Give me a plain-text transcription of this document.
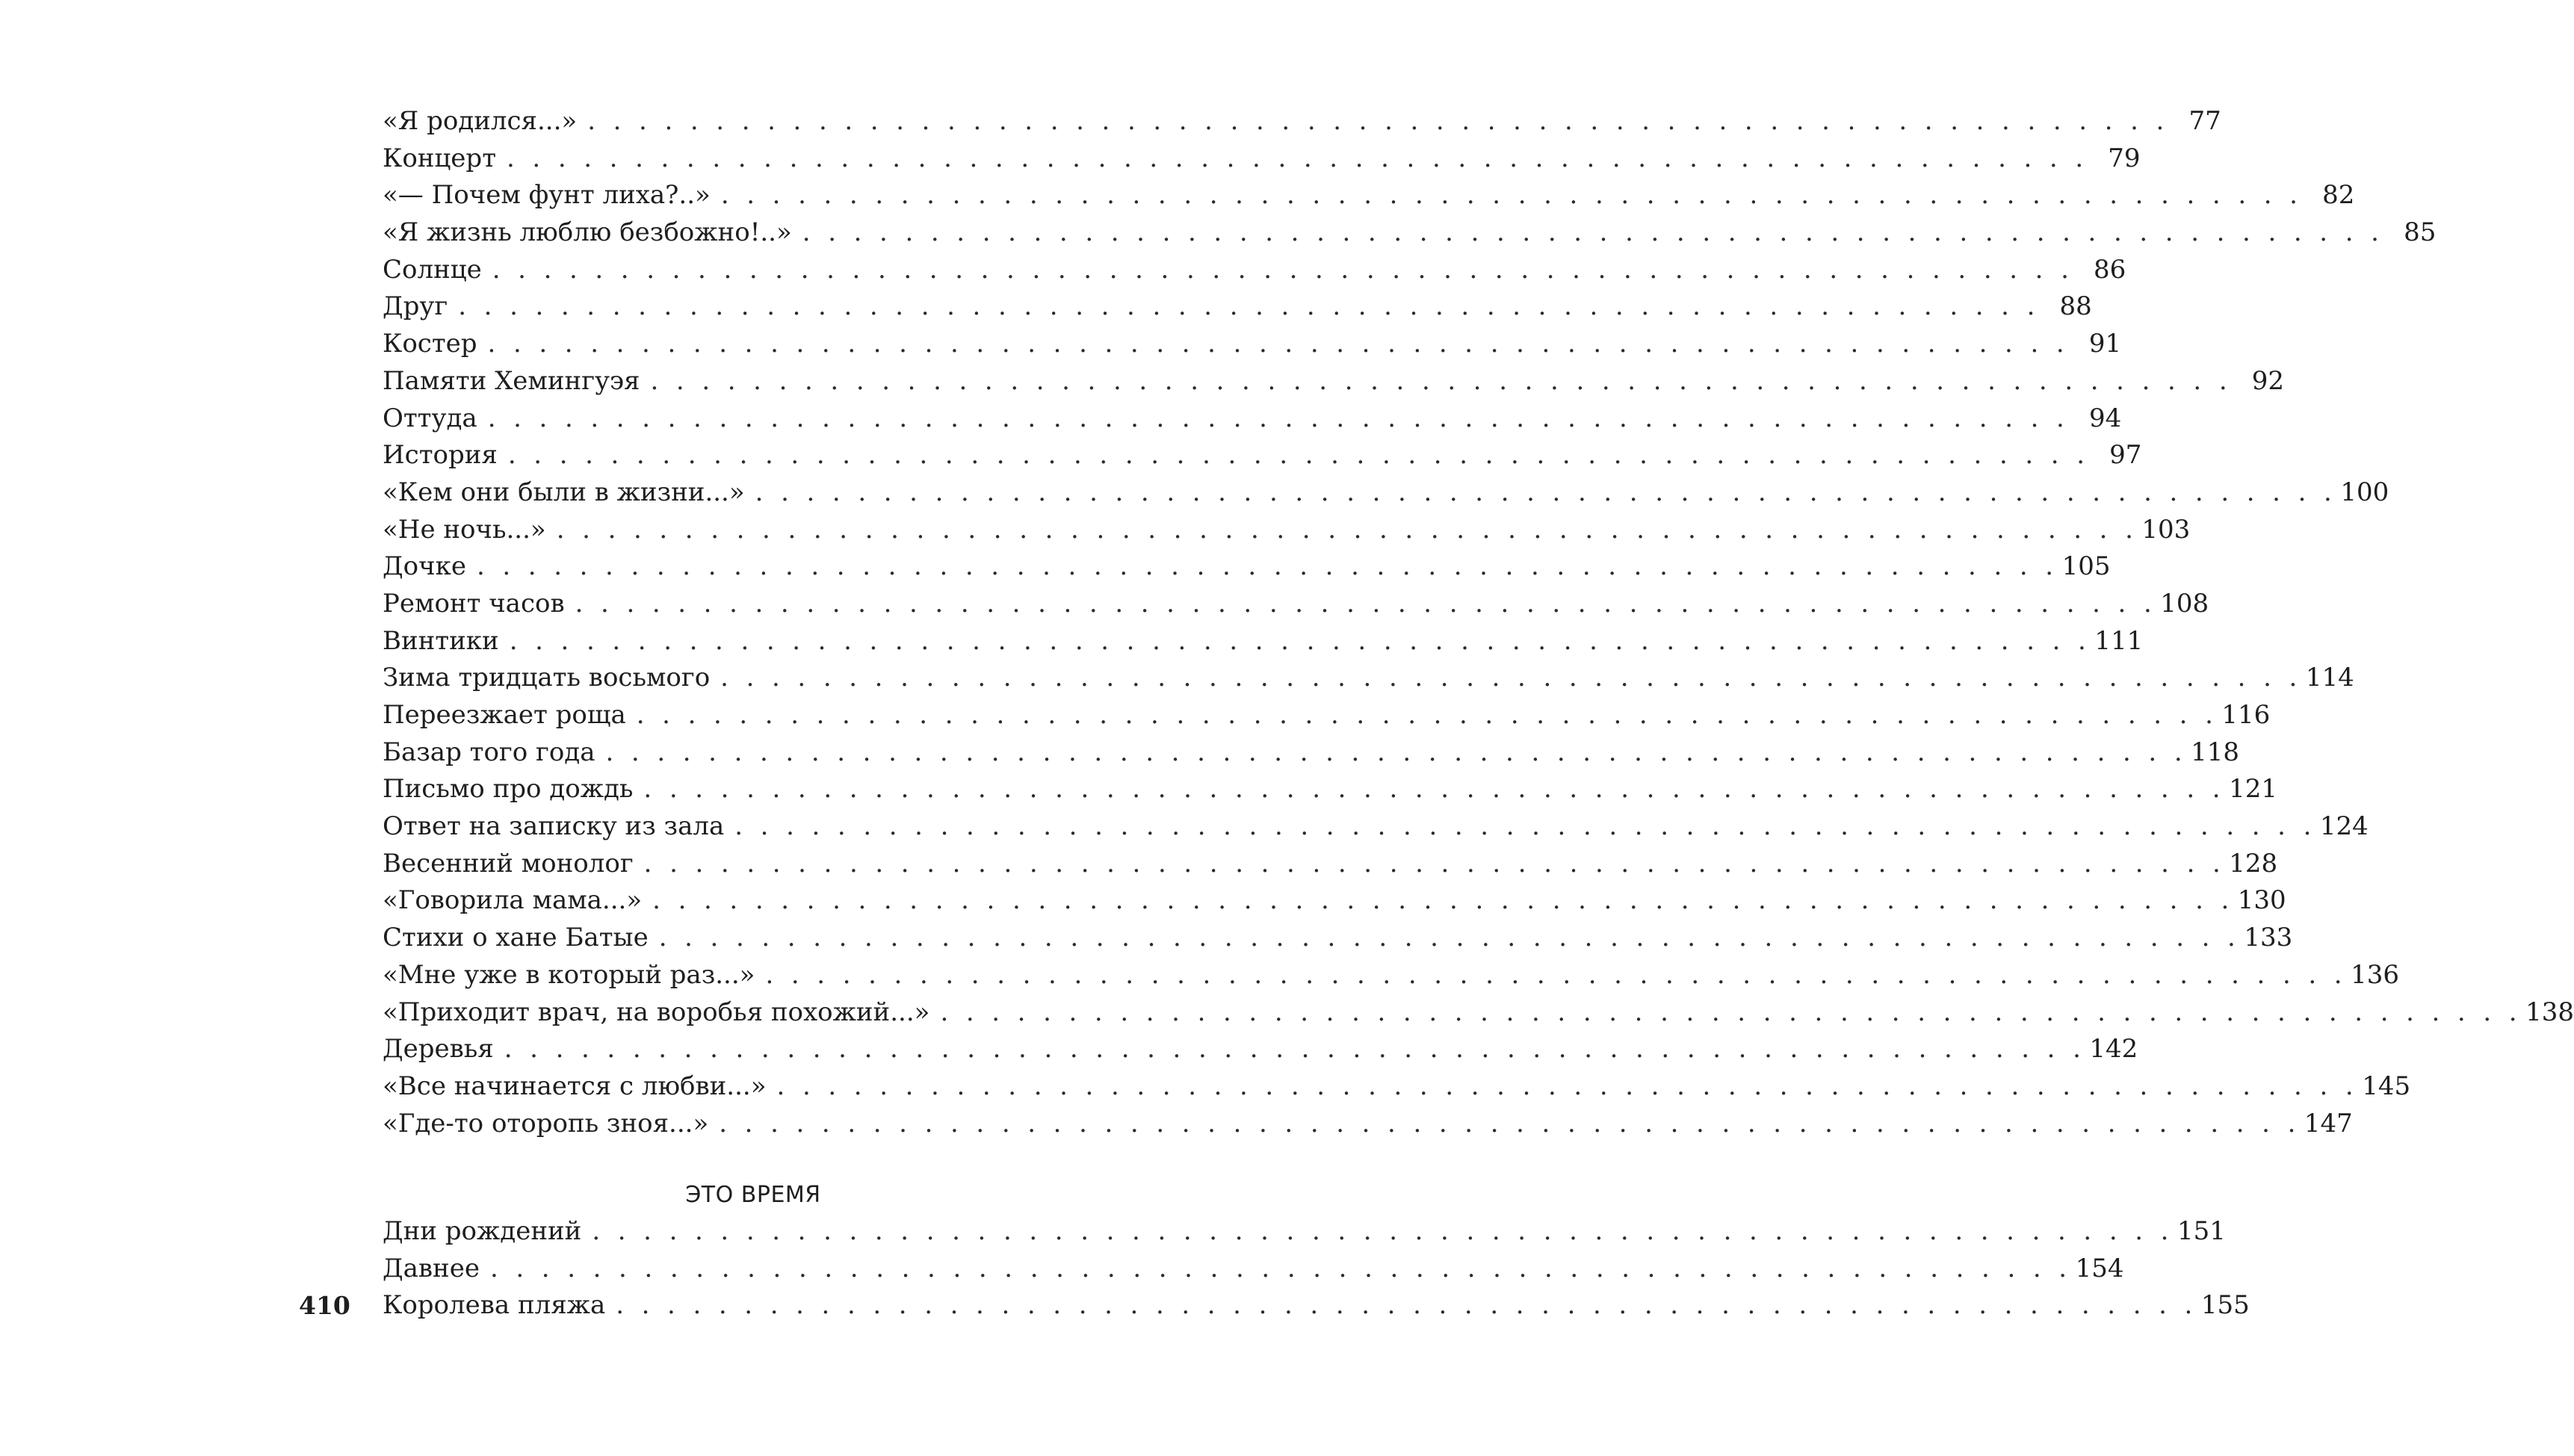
«Я родился...» . . . . . . . . . . . . . . . . . . . . . . . . . . . . . . . . . . . . . . . . . . . . . . . . . . . . . . . . . . . . . . 77
Концерт . . . . . . . . . . . . . . . . . . . . . . . . . . . . . . . . . . . . . . . . . . . . . . . . . . . . . . . . . . . . . . 79
«— Почем фунт лиха?..» . . . . . . . . . . . . . . . . . . . . . . . . . . . . . . . . . . . . . . . . . . . . . . . . . . . . . . . . . . . . . . 82
«Я жизнь люблю безбожно!..» . . . . . . . . . . . . . . . . . . . . . . . . . . . . . . . . . . . . . . . . . . . . . . . . . . . . . . . . . . . . . . 85
Солнце . . . . . . . . . . . . . . . . . . . . . . . . . . . . . . . . . . . . . . . . . . . . . . . . . . . . . . . . . . . . . . 86
Друг . . . . . . . . . . . . . . . . . . . . . . . . . . . . . . . . . . . . . . . . . . . . . . . . . . . . . . . . . . . . . . 88
Костер . . . . . . . . . . . . . . . . . . . . . . . . . . . . . . . . . . . . . . . . . . . . . . . . . . . . . . . . . . . . . . 91
Памяти Хемингуэя . . . . . . . . . . . . . . . . . . . . . . . . . . . . . . . . . . . . . . . . . . . . . . . . . . . . . . . . . . . . . . 92
Оттуда . . . . . . . . . . . . . . . . . . . . . . . . . . . . . . . . . . . . . . . . . . . . . . . . . . . . . . . . . . . . . . 94
История . . . . . . . . . . . . . . . . . . . . . . . . . . . . . . . . . . . . . . . . . . . . . . . . . . . . . . . . . . . . . . 97
«Кем они были в жизни...» . . . . . . . . . . . . . . . . . . . . . . . . . . . . . . . . . . . . . . . . . . . . . . . . . . . . . . . . . . . . . . 100
«Не ночь...» . . . . . . . . . . . . . . . . . . . . . . . . . . . . . . . . . . . . . . . . . . . . . . . . . . . . . . . . . . . . . . 103
Дочке . . . . . . . . . . . . . . . . . . . . . . . . . . . . . . . . . . . . . . . . . . . . . . . . . . . . . . . . . . . . . . 105
Ремонт часов . . . . . . . . . . . . . . . . . . . . . . . . . . . . . . . . . . . . . . . . . . . . . . . . . . . . . . . . . . . . . . 108
Винтики . . . . . . . . . . . . . . . . . . . . . . . . . . . . . . . . . . . . . . . . . . . . . . . . . . . . . . . . . . . . . . 111
Зима тридцать восьмого . . . . . . . . . . . . . . . . . . . . . . . . . . . . . . . . . . . . . . . . . . . . . . . . . . . . . . . . . . . . . . 114
Переезжает роща . . . . . . . . . . . . . . . . . . . . . . . . . . . . . . . . . . . . . . . . . . . . . . . . . . . . . . . . . . . . . . 116
Базар того года . . . . . . . . . . . . . . . . . . . . . . . . . . . . . . . . . . . . . . . . . . . . . . . . . . . . . . . . . . . . . . 118
Письмо про дождь . . . . . . . . . . . . . . . . . . . . . . . . . . . . . . . . . . . . . . . . . . . . . . . . . . . . . . . . . . . . . . 121
Ответ на записку из зала . . . . . . . . . . . . . . . . . . . . . . . . . . . . . . . . . . . . . . . . . . . . . . . . . . . . . . . . . . . . . . 124
Весенний монолог . . . . . . . . . . . . . . . . . . . . . . . . . . . . . . . . . . . . . . . . . . . . . . . . . . . . . . . . . . . . . . 128
«Говорила мама...» . . . . . . . . . . . . . . . . . . . . . . . . . . . . . . . . . . . . . . . . . . . . . . . . . . . . . . . . . . . . . . 130
Стихи о хане Батые . . . . . . . . . . . . . . . . . . . . . . . . . . . . . . . . . . . . . . . . . . . . . . . . . . . . . . . . . . . . . . 133
«Мне уже в который раз...» . . . . . . . . . . . . . . . . . . . . . . . . . . . . . . . . . . . . . . . . . . . . . . . . . . . . . . . . . . . . . . 136
«Приходит врач, на воробья похожий...» . . . . . . . . . . . . . . . . . . . . . . . . . . . . . . . . . . . . . . . . . . . . . . . . . . . . . . . . . . . . . . 138
Деревья . . . . . . . . . . . . . . . . . . . . . . . . . . . . . . . . . . . . . . . . . . . . . . . . . . . . . . . . . . . . . . 142
«Все начинается с любви...» . . . . . . . . . . . . . . . . . . . . . . . . . . . . . . . . . . . . . . . . . . . . . . . . . . . . . . . . . . . . . . 145
«Где-то оторопь зноя...» . . . . . . . . . . . . . . . . . . . . . . . . . . . . . . . . . . . . . . . . . . . . . . . . . . . . . . . . . . . . . . 147
ЭТО ВРЕМЯ
Дни рождений . . . . . . . . . . . . . . . . . . . . . . . . . . . . . . . . . . . . . . . . . . . . . . . . . . . . . . . . . . . . . . 151
Давнее . . . . . . . . . . . . . . . . . . . . . . . . . . . . . . . . . . . . . . . . . . . . . . . . . . . . . . . . . . . . . . 154
Королева пляжа . . . . . . . . . . . . . . . . . . . . . . . . . . . . . . . . . . . . . . . . . . . . . . . . . . . . . . . . . . . . . . 155
410
